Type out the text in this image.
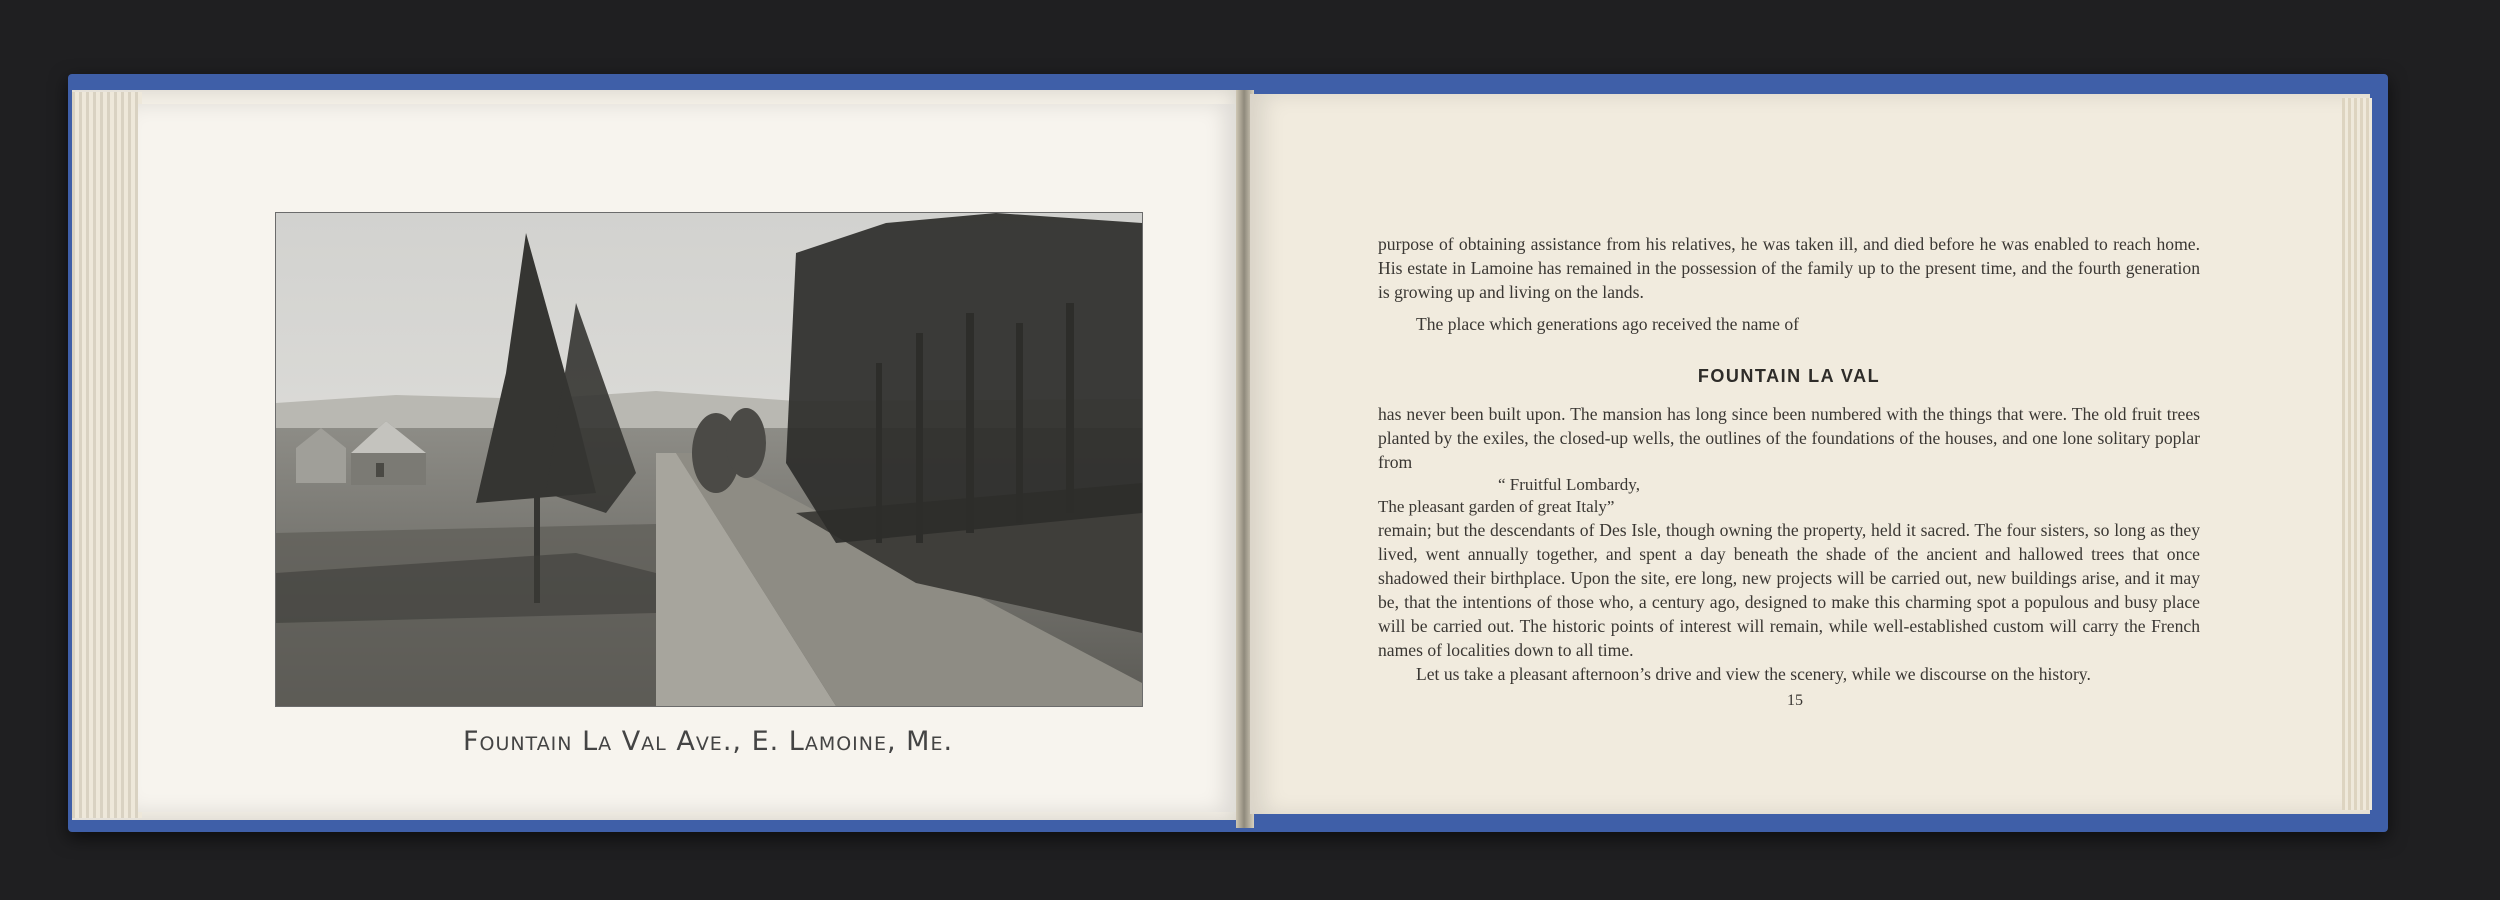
Fountain La Val Ave., E. Lamoine, Me.

purpose of obtaining assistance from his relatives, he was taken ill, and died before he was enabled to reach home. His estate in Lamoine has remained in the possession of the family up to the present time, and the fourth generation is growing up and living on the lands.

The place which generations ago received the name of

FOUNTAIN LA VAL

has never been built upon. The mansion has long since been numbered with the things that were. The old fruit trees planted by the exiles, the closed-up wells, the outlines of the foundations of the houses, and one lone solitary poplar from

“ Fruitful Lombardy,

The pleasant garden of great Italy”

remain; but the descendants of Des Isle, though owning the property, held it sacred. The four sisters, so long as they lived, went annually together, and spent a day beneath the shade of the ancient and hallowed trees that once shadowed their birthplace. Upon the site, ere long, new projects will be carried out, new buildings arise, and it may be, that the intentions of those who, a century ago, designed to make this charming spot a populous and busy place will be carried out. The historic points of interest will remain, while well-established custom will carry the French names of localities down to all time.

Let us take a pleasant afternoon’s drive and view the scenery, while we discourse on the history.

15
